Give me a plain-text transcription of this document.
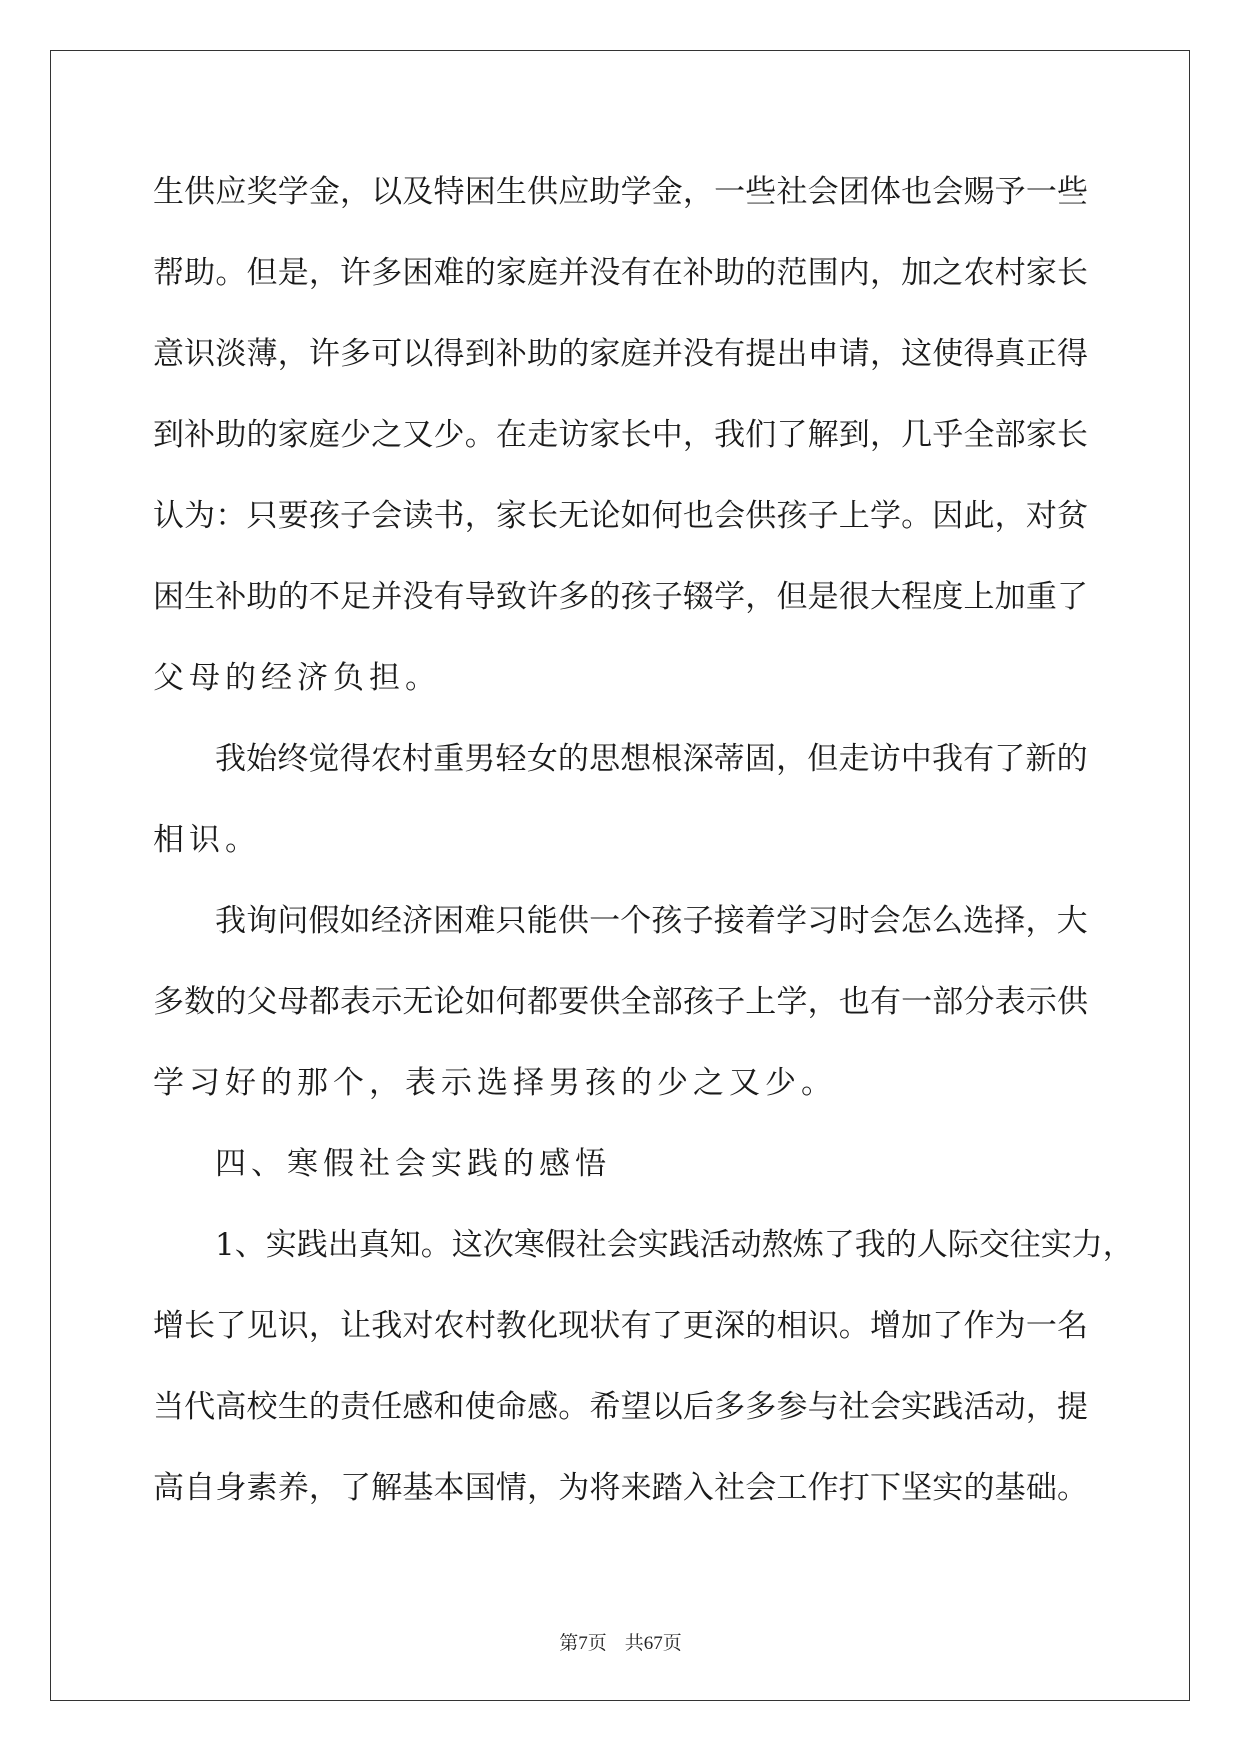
生 供 应 奖 学 金 ， 以 及 特 困 生 供 应 助 学 金 ， 一 些 社 会 团 体 也 会 赐 予 一 些
帮 助 。 但 是 ， 许 多 困 难 的 家 庭 并 没 有 在 补 助 的 范 围 内 ， 加 之 农 村 家 长
意 识 淡 薄 ， 许 多 可 以 得 到 补 助 的 家 庭 并 没 有 提 出 申 请 ， 这 使 得 真 正 得
到 补 助 的 家 庭 少 之 又 少 。 在 走 访 家 长 中 ， 我 们 了 解 到 ， 几 乎 全 部 家 长
认 为 ： 只 要 孩 子 会 读 书 ， 家 长 无 论 如 何 也 会 供 孩 子 上 学 。 因 此 ， 对 贫
困 生 补 助 的 不 足 并 没 有 导 致 许 多 的 孩 子 辍 学 ， 但 是 很 大 程 度 上 加 重 了
父 母 的 经 济 负 担 。
我 始 终 觉 得 农 村 重 男 轻 女 的 思 想 根 深 蒂 固 ， 但 走 访 中 我 有 了 新 的
相 识 。
我 询 问 假 如 经 济 困 难 只 能 供 一 个 孩 子 接 着 学 习 时 会 怎 么 选 择 ， 大
多 数 的 父 母 都 表 示 无 论 如 何 都 要 供 全 部 孩 子 上 学 ， 也 有 一 部 分 表 示 供
学 习 好 的 那 个 ， 表 示 选 择 男 孩 的 少 之 又 少 。
四 、 寒 假 社 会 实 践 的 感 悟
1 、 实 践 出 真 知 。 这 次 寒 假 社 会 实 践 活 动 熬 炼 了 我 的 人 际 交 往 实 力 ，
增 长 了 见 识 ， 让 我 对 农 村 教 化 现 状 有 了 更 深 的 相 识 。 增 加 了 作 为 一 名
当 代 高 校 生 的 责 任 感 和 使 命 感 。 希 望 以 后 多 多 参 与 社 会 实 践 活 动 ， 提
高 自 身 素 养 ， 了 解 基 本 国 情 ， 为 将 来 踏 入 社 会 工 作 打 下 坚 实 的 基 础 。
第7页 共67页
